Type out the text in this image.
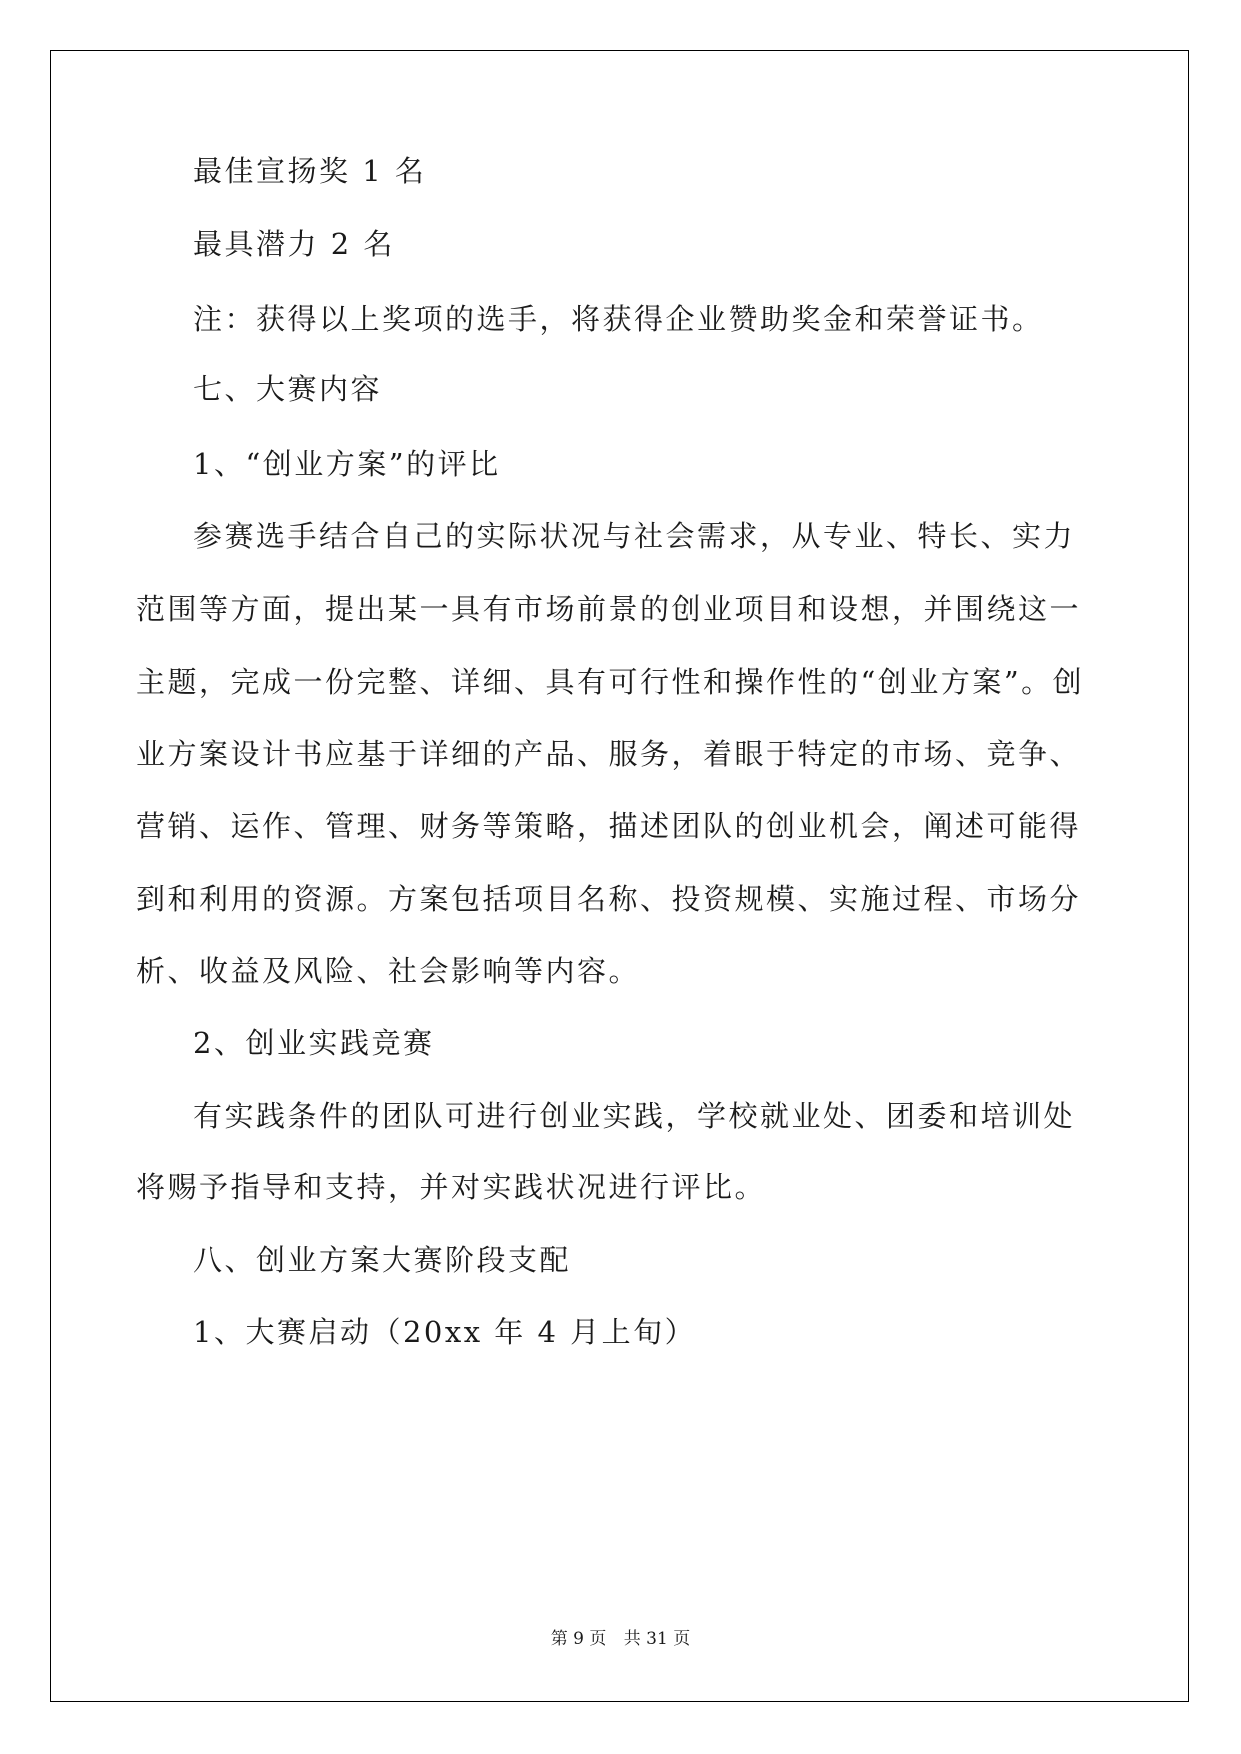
最佳宣扬奖 1 名

最具潜力 2 名

注：获得以上奖项的选手，将获得企业赞助奖金和荣誉证书。

七、大赛内容

1、“创业方案”的评比

参赛选手结合自己的实际状况与社会需求，从专业、特长、实力

范围等方面，提出某一具有市场前景的创业项目和设想，并围绕这一

主题，完成一份完整、详细、具有可行性和操作性的“创业方案”。创

业方案设计书应基于详细的产品、服务，着眼于特定的市场、竞争、

营销、运作、管理、财务等策略，描述团队的创业机会，阐述可能得

到和利用的资源。方案包括项目名称、投资规模、实施过程、市场分

析、收益及风险、社会影响等内容。

2、创业实践竞赛

有实践条件的团队可进行创业实践，学校就业处、团委和培训处

将赐予指导和支持，并对实践状况进行评比。

八、创业方案大赛阶段支配

1、大赛启动（20xx 年 4 月上旬）

第 9 页 共 31 页
